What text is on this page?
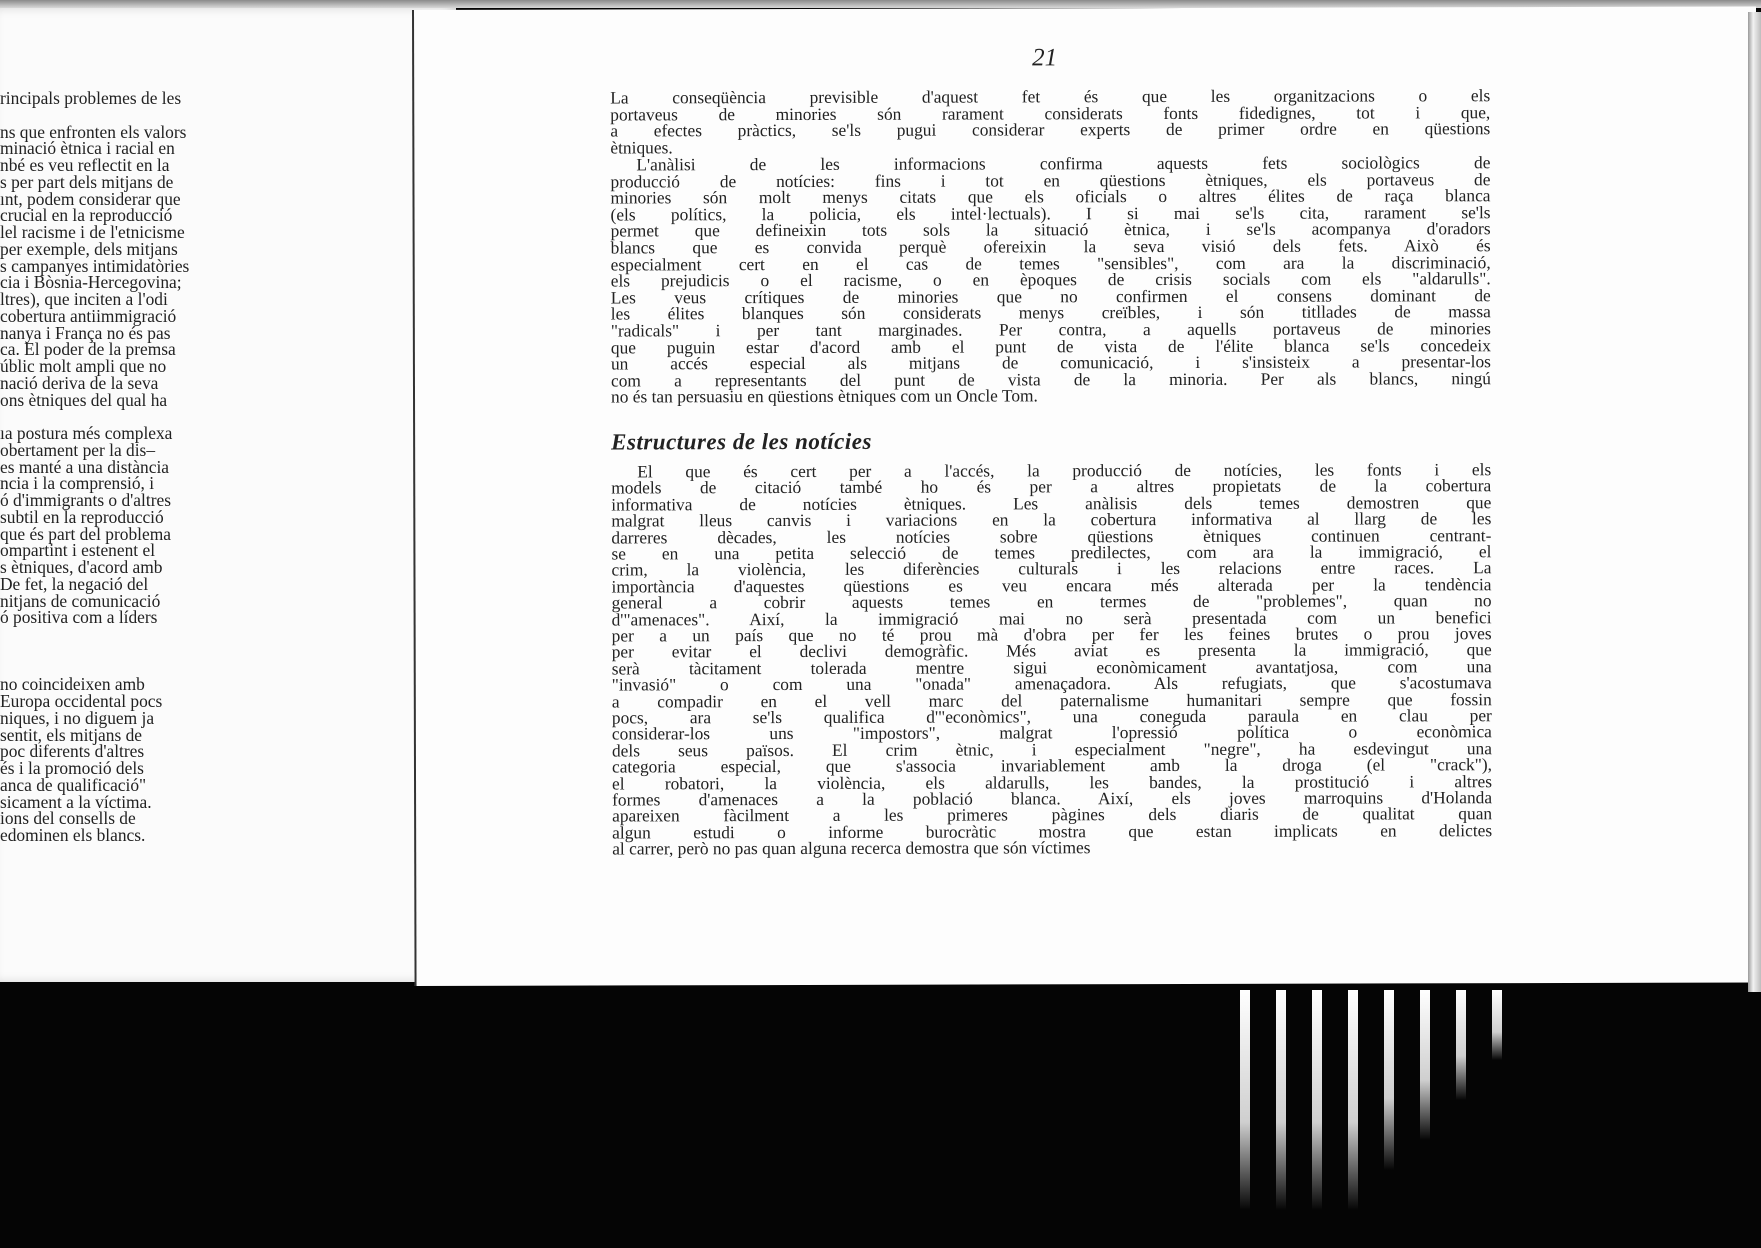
rincipals problemes de les
ns que enfronten els valors
minació ètnica i racial en
nbé es veu reflectit en la
s per part dels mitjans de
ınt, podem considerar que
crucial en la reproducció
lel racisme i de l'etnicisme
per exemple, dels mitjans
s campanyes intimidatòries
cia i Bòsnia-Hercegovina;
ltres), que inciten a l'odi
cobertura antiimmigració
nanya i França no és pas
ca. El poder de la premsa
úblic molt ampli que no
nació deriva de la seva
ons ètniques del qual ha
ıa postura més complexa
obertament per la dis–
es manté a una distància
ncia i la comprensió, i
ó d'immigrants o d'altres
subtil en la reproducció
que és part del problema
ompartint i estenent el
s ètniques, d'acord amb
De fet, la negació del
nitjans de comunicació
ó positiva com a líders
no coincideixen amb
Europa occidental pocs
niques, i no diguem ja
sentit, els mitjans de
poc diferents d'altres
és i la promoció dels
anca de qualificació"
sicament a la víctima.
ions del consells de
edominen els blancs.
21
La conseqüència previsible d'aquest fet és que les organitzacions o els
portaveus de minories són rarament considerats fonts fidedignes, tot i que,
a efectes pràctics, se'ls pugui considerar experts de primer ordre en qüestions
ètniques.
L'anàlisi de les informacions confirma aquests fets sociològics de
producció de notícies: fins i tot en qüestions ètniques, els portaveus de
minories són molt menys citats que els oficials o altres élites de raça blanca
(els polítics, la policia, els intel·lectuals). I si mai se'ls cita, rarament se'ls
permet que defineixin tots sols la situació ètnica, i se'ls acompanya d'oradors
blancs que es convida perquè ofereixin la seva visió dels fets. Això és
especialment cert en el cas de temes "sensibles", com ara la discriminació,
els prejudicis o el racisme, o en èpoques de crisis socials com els "aldarulls".
Les veus crítiques de minories que no confirmen el consens dominant de
les élites blanques són considerats menys creïbles, i són titllades de massa
"radicals" i per tant marginades. Per contra, a aquells portaveus de minories
que puguin estar d'acord amb el punt de vista de l'élite blanca se'ls concedeix
un accés especial als mitjans de comunicació, i s'insisteix a presentar-los
com a representants del punt de vista de la minoria. Per als blancs, ningú
no és tan persuasiu en qüestions ètniques com un Oncle Tom.
El que és cert per a l'accés, la producció de notícies, les fonts i els
models de citació també ho és per a altres propietats de la cobertura
informativa de notícies ètniques. Les anàlisis dels temes demostren que
malgrat lleus canvis i variacions en la cobertura informativa al llarg de les
darreres dècades, les notícies sobre qüestions ètniques continuen centrant-
se en una petita selecció de temes predilectes, com ara la immigració, el
crim, la violència, les diferències culturals i les relacions entre races. La
importància d'aquestes qüestions es veu encara més alterada per la tendència
general a cobrir aquests temes en termes de "problemes", quan no
d'"amenaces". Així, la immigració mai no serà presentada com un benefici
per a un país que no té prou mà d'obra per fer les feines brutes o prou joves
per evitar el declivi demogràfic. Més aviat es presenta la immigració, que
serà tàcitament tolerada mentre sigui econòmicament avantatjosa, com una
"invasió" o com una "onada" amenaçadora. Als refugiats, que s'acostumava
a compadir en el vell marc del paternalisme humanitari sempre que fossin
pocs, ara se'ls qualifica d'"econòmics", una coneguda paraula en clau per
considerar-los uns "impostors", malgrat l'opressió política o econòmica
dels seus països. El crim ètnic, i especialment "negre", ha esdevingut una
categoria especial, que s'associa invariablement amb la droga (el "crack"),
el robatori, la violència, els aldarulls, les bandes, la prostitució i altres
formes d'amenaces a la població blanca. Així, els joves marroquins d'Holanda
apareixen fàcilment a les primeres pàgines dels diaris de qualitat quan
algun estudi o informe burocràtic mostra que estan implicats en delictes
al carrer, però no pas quan alguna recerca demostra que són víctimes
Estructures de les notícies
